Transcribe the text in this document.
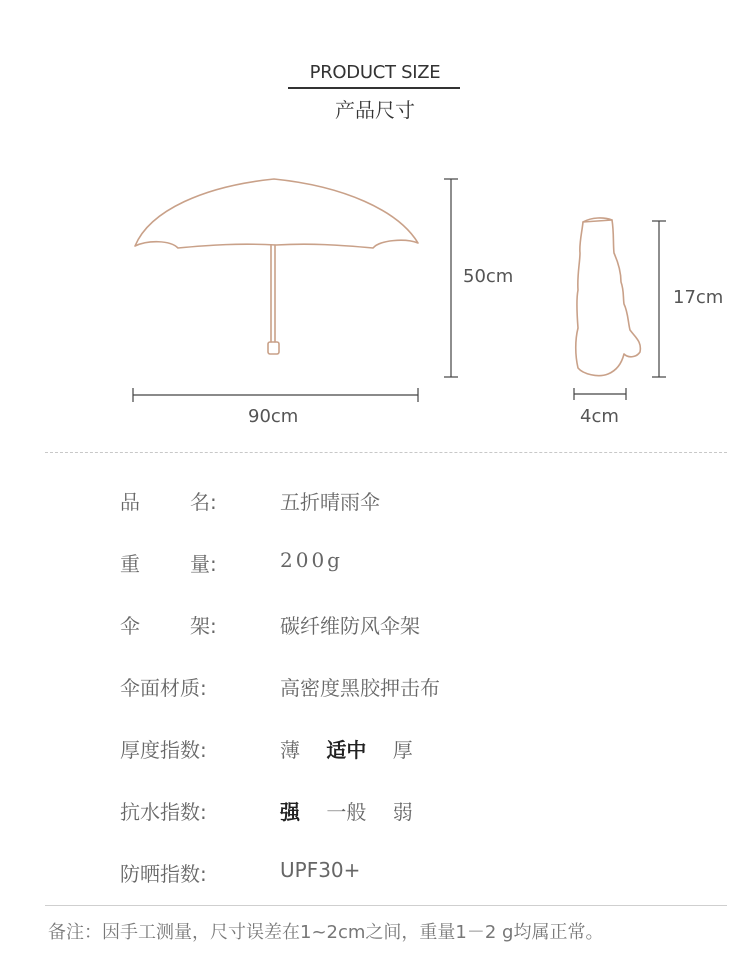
PRODUCT SIZE
产品尺寸
90cm
50cm
4cm
17cm
品	名:	五折晴雨伞
重	量:	200g
伞	架:	碳纤维防风伞架
伞面材质:	高密度黑胶押击布
厚度指数:	薄 适中 厚
抗水指数:	强 一般 弱
防晒指数:	UPF30+
备注：因手工测量，尺寸误差在1~2cm之间，重量1－2 g均属正常。
